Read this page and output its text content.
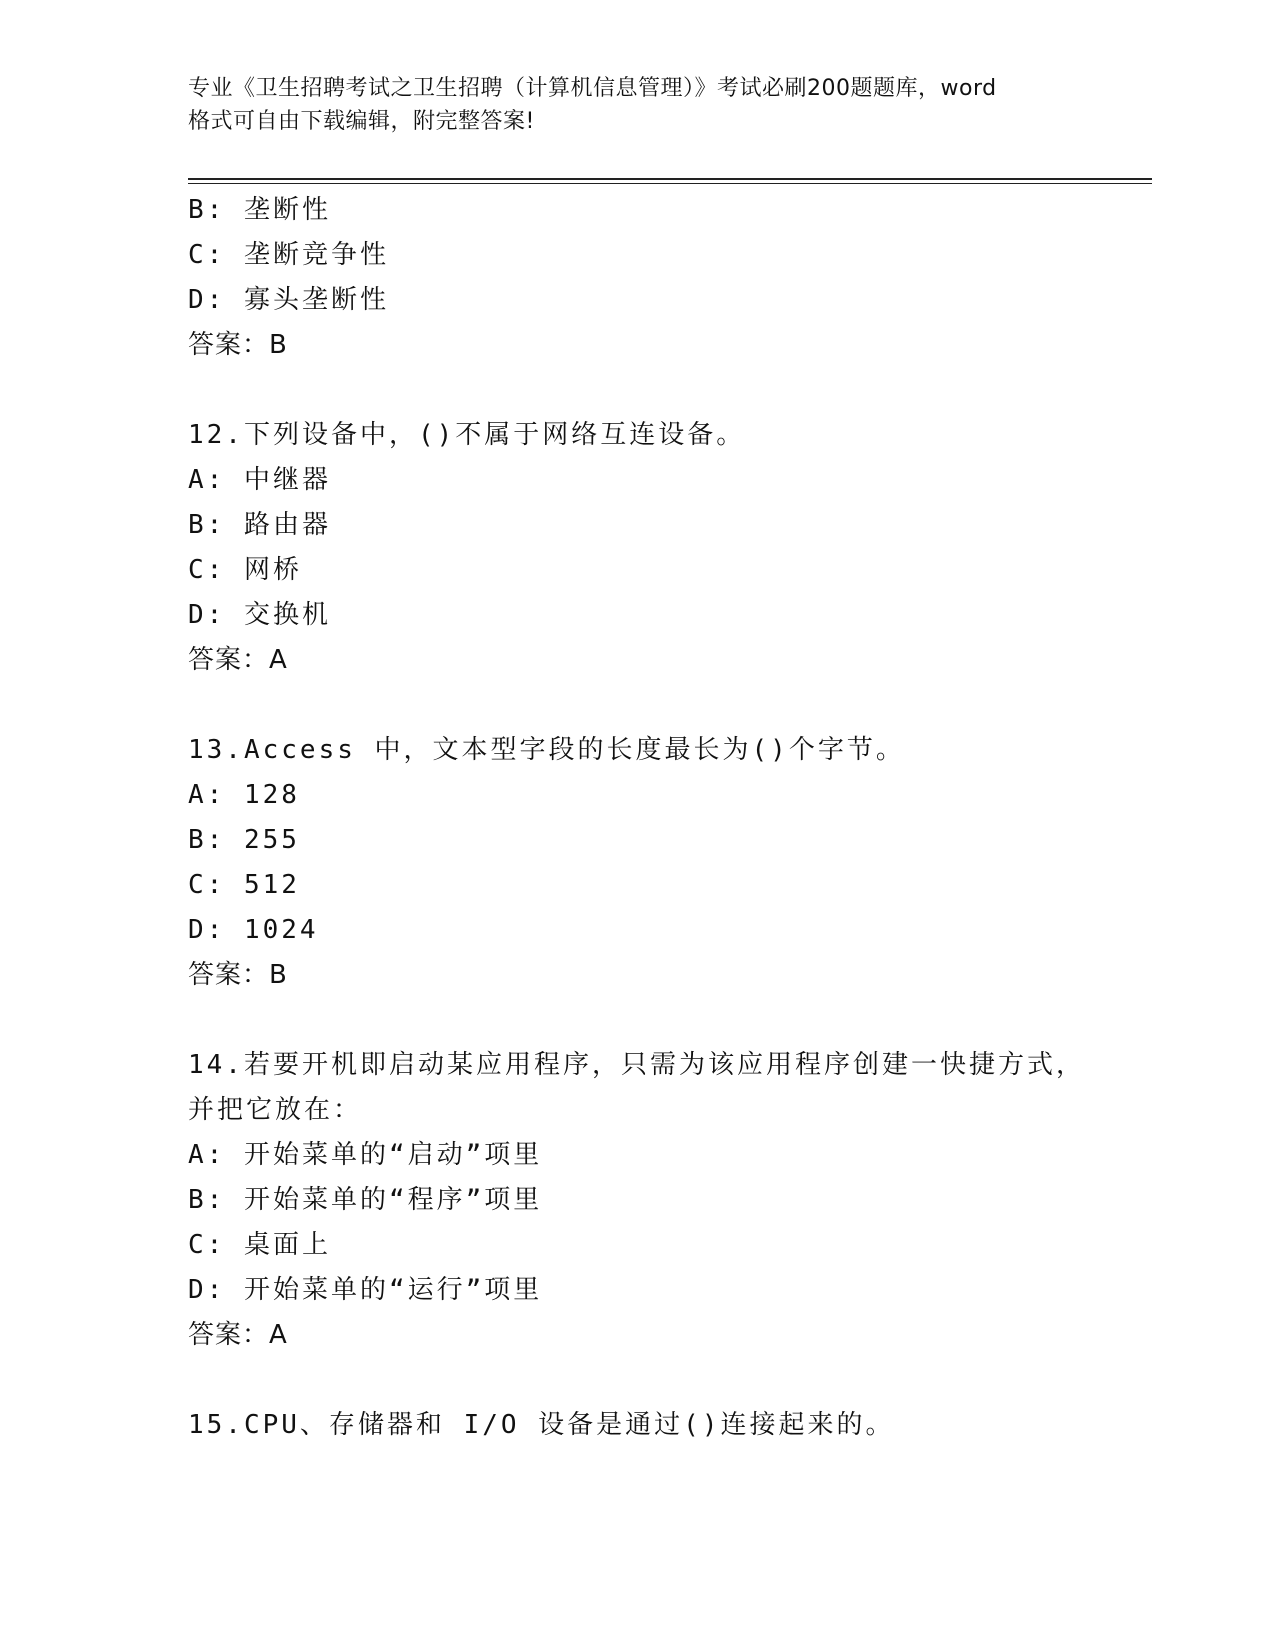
专业《卫生招聘考试之卫生招聘（计算机信息管理）》考试必刷200题题库，word
格式可自由下载编辑，附完整答案!
B: 垄断性
C: 垄断竞争性
D: 寡头垄断性
答案：B
12.下列设备中，()不属于网络互连设备。
A: 中继器
B: 路由器
C: 网桥
D: 交换机
答案：A
13.Access 中，文本型字段的长度最长为()个字节。
A: 128
B: 255
C: 512
D: 1024
答案：B
14.若要开机即启动某应用程序，只需为该应用程序创建一快捷方式，
并把它放在：
A: 开始菜单的“启动”项里
B: 开始菜单的“程序”项里
C: 桌面上
D: 开始菜单的“运行”项里
答案：A
15.CPU、存储器和 I/O 设备是通过()连接起来的。
